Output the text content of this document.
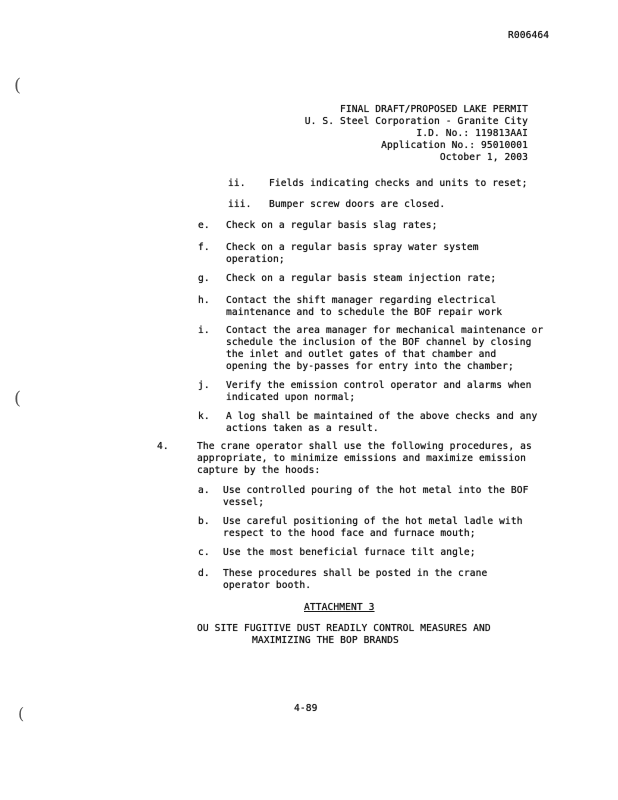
(
(
(
R006464
FINAL DRAFT/PROPOSED LAKE PERMIT
U. S. Steel Corporation - Granite City
I.D. No.: 119813AAI
Application No.: 95010001
October 1, 2003
ii. Fields indicating checks and units to reset;
iii. Bumper screw doors are closed.
e. Check on a regular basis slag rates;
f. Check on a regular basis spray water system
operation;
g. Check on a regular basis steam injection rate;
h. Contact the shift manager regarding electrical
maintenance and to schedule the BOF repair work
i. Contact the area manager for mechanical maintenance or
schedule the inclusion of the BOF channel by closing
the inlet and outlet gates of that chamber and
opening the by-passes for entry into the chamber;
j. Verify the emission control operator and alarms when
indicated upon normal;
k. A log shall be maintained of the above checks and any
actions taken as a result.
4.	The crane operator shall use the following procedures, as
appropriate, to minimize emissions and maximize emission
capture by the hoods:
a. Use controlled pouring of the hot metal into the BOF
vessel;
b. Use careful positioning of the hot metal ladle with
respect to the hood face and furnace mouth;
c. Use the most beneficial furnace tilt angle;
d. These procedures shall be posted in the crane
operator booth.
ATTACHMENT 3
OU SITE FUGITIVE DUST READILY CONTROL MEASURES AND
MAXIMIZING THE BOP BRANDS
4-89
